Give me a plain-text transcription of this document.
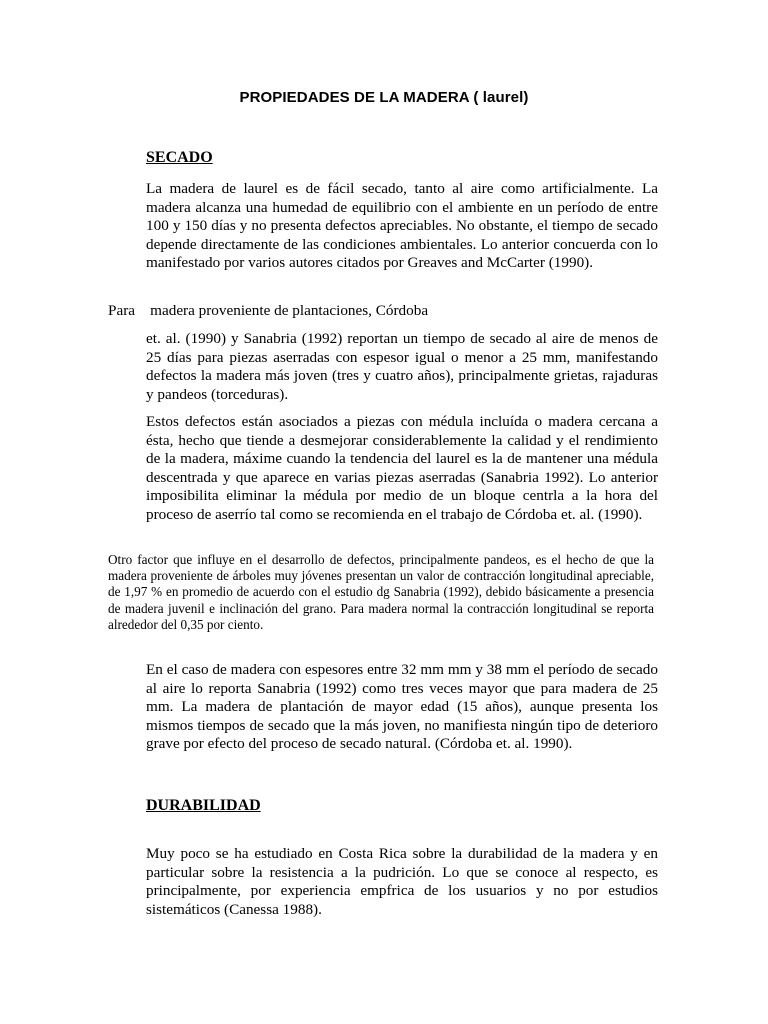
PROPIEDADES DE LA MADERA ( laurel)
SECADO

La madera de laurel es de fácil secado, tanto al aire como artificialmente. La madera alcanza una humedad de equilibrio con el ambiente en un período de entre 100 y 150 días y no presenta defectos apreciables. No obstante, el tiempo de secado depende directamente de las condiciones ambientales. Lo anterior concuerda con lo manifestado por varios autores citados por Greaves and McCarter (1990).

Para    madera proveniente de plantaciones, Córdoba

et. al. (1990) y Sanabria (1992) reportan un tiempo de secado al aire de menos de 25 días para piezas aserradas con espesor igual o menor a 25 mm, manifestando defectos la madera más joven (tres y cuatro años), principalmente grietas, rajaduras y pandeos (torceduras).

Estos defectos están asociados a piezas con médula incluída o madera cercana a ésta, hecho que tiende a desmejorar considerablemente la calidad y el rendimiento de la madera, máxime cuando la tendencia del laurel es la de mantener una médula descentrada y que aparece en varias piezas aserradas (Sanabria 1992). Lo anterior imposibilita eliminar la médula por medio de un bloque centrla a la hora del proceso de aserrío tal como se recomienda en el trabajo de Córdoba et. al. (1990).

Otro factor que influye en el desarrollo de defectos, principalmente pandeos, es el hecho de que la madera proveniente de árboles muy jóvenes presentan un valor de contracción longitudinal apreciable, de 1,97 % en promedio de acuerdo con el estudio dg Sanabria (1992), debido básicamente a presencia de madera juvenil e inclinación del grano. Para madera normal la contracción longitudinal se reporta alrededor del 0,35 por ciento.

En el caso de madera con espesores entre 32 mm mm y 38 mm el período de secado al aire lo reporta Sanabria (1992) como tres veces mayor que para madera de 25 mm. La madera de plantación de mayor edad (15 años), aunque presenta los mismos tiempos de secado que la más joven, no manifiesta ningún tipo de deterioro grave por efecto del proceso de secado natural. (Córdoba et. al. 1990).

DURABILIDAD

Muy poco se ha estudiado en Costa Rica sobre la durabilidad de la madera y en particular sobre la resistencia a la pudrición. Lo que se conoce al respecto, es principalmente, por experiencia empfrica de los usuarios y no por estudios sistemáticos (Canessa 1988).
